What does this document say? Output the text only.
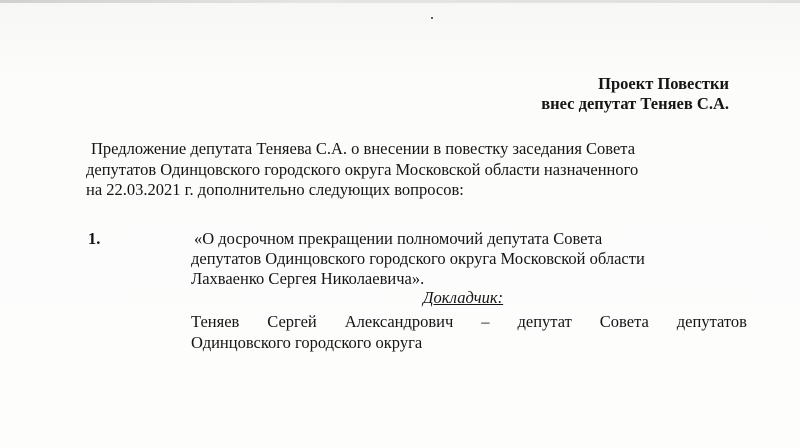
Проект Повестки
внес депутат Теняев С.А.
Предложение депутата Теняева С.А. о внесении в повестку заседания Совета
депутатов Одинцовского городского округа Московской области назначенного
на 22.03.2021 г. дополнительно следующих вопросов:
1.	«О досрочном прекращении полномочий депутата Совета
депутатов Одинцовского городского округа Московской области
Лахваенко Сергея Николаевича».
Докладчик:
Теняев Сергей Александрович – депутат Совета депутатов
Одинцовского городского округа
